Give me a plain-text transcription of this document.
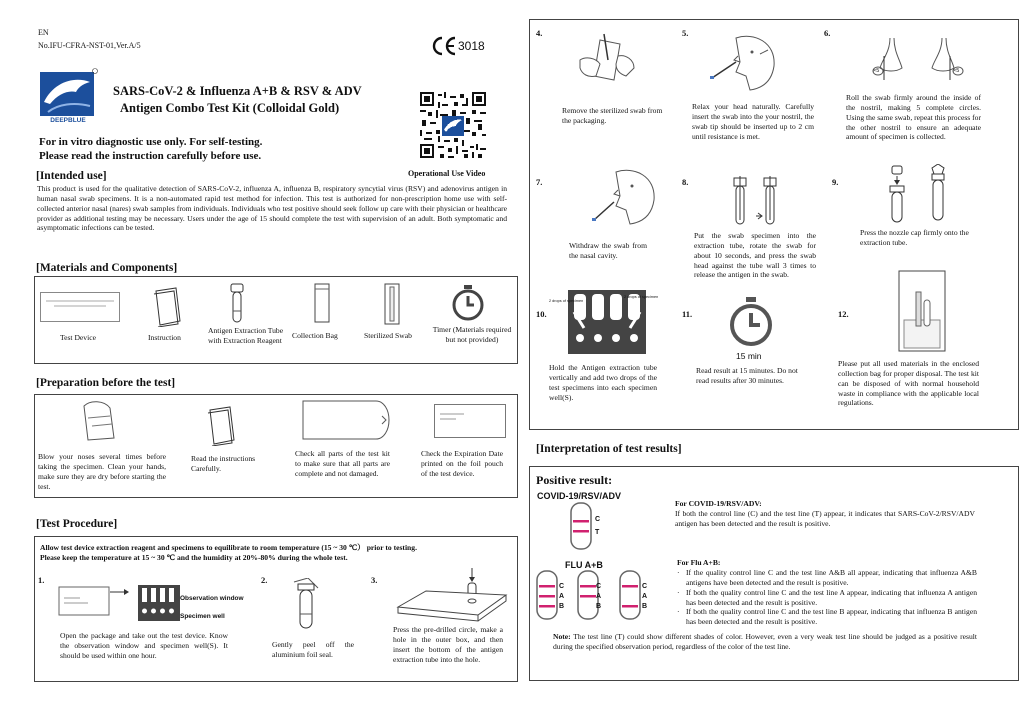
EN
No.IFU-CFRA-NST-01,Ver.A/5	3018
DEEPBLUE
SARS-CoV-2 & Influenza A+B & RSV & ADV
Antigen Combo Test Kit (Colloidal Gold)
For in vitro diagnostic use only. For self-testing.
Please read the instruction carefully before use.
Operational Use Video
[Intended use]
This product is used for the qualitative detection of SARS-CoV-2, influenza A, influenza B, respiratory syncytial virus (RSV) and adenovirus antigen in human nasal swab specimens. It is a non-automated rapid test method for infection. This test is authorized for non-prescription home use with self-collected anterior nasal (nares) swab samples from individuals. Individuals who test positive should seek follow up care with their physician or healthcare provider as additional testing may be necessary. Users under the age of 15 should complete the test with supervision of an adult. Both symptomatic and asymptomatic infections can be tested.
[Materials and Components]
Test Device	Instruction
Antigen Extraction Tube with Extraction Reagent
Collection Bag	Sterilized Swab
Timer (Materials required but not provided)
[Preparation before the test]
Blow your noses several times before taking the specimen. Clean your hands, make sure they are dry before starting the test.
Read the instructions Carefully.
Check all parts of the test kit to make sure that all parts are complete and not damaged.
Check the Expiration Date printed on the foil pouch of the test device.
[Test Procedure]
Allow test device extraction reagent and specimens to equilibrate to room temperature (15 ~ 30 ℃） prior to testing.
Please keep the temperature at 15 ~ 30 ℃ and the humidity at 20%-80% during the whole test.
1.
Observation window
Specimen well
Open the package and take out the test device. Know the observation window and specimen well(S). It should be used within one hour.
2.
Gently peel off the aluminium foil seal.
3.
Press the pre-drilled circle, make a hole in the outer box, and then insert the bottom of the antigen extraction tube into the hole.
4.
Remove the sterilized swab from the packaging.
5.
Relax your head naturally. Carefully insert the swab into the your nostril, the swab tip should be inserted up to 2 cm until resistance is met.
6.
×5	×5
Roll the swab firmly around the inside of the nostril, making 5 complete circles. Using the same swab, repeat this process for the other nostril to ensure an adequate amount of specimen is collected.
7.
Withdraw the swab from the nasal cavity.
8.
Put the swab specimen into the extraction tube, rotate the swab for about 10 seconds, and press the swab head against the tube wall 3 times to release the antigen in the swab.
9.
Press the nozzle cap firmly onto the extraction tube.
10.
FLU A+B COVID-19 RSV ADV
2 drops of specimen
2 drops of specimen
Hold the Antigen extraction tube vertically and add two drops of the test specimens into each specimen well(S).
11.
15 min
Read result at 15 minutes. Do not read results after 30 minutes.
12.
Please put all used materials in the enclosed collection bag for proper disposal. The test kit can be disposed of with normal household waste in compliance with the applicable local regulations.
[Interpretation of test results]
Positive result:
COVID-19/RSV/ADV
C
T
FLU A+B
C
A
B
C
A
B
C
A
B
For COVID-19/RSV/ADV:
If both the control line (C) and the test line (T) appear, it indicates that SARS-CoV-2/RSV/ADV antigen has been detected and the result is positive.
For Flu A+B:
· If the quality control line C and the test line A&B all appear, indicating that influenza A&B antigens have been detected and the result is positive.
· If both the quality control line C and the test line A appear, indicating that influenza A antigen has been detected and the result is positive.
· If both the quality control line C and the test line B appear, indicating that influenza B antigen has been detected and the result is positive.
Note: The test line (T) could show different shades of color. However, even a very weak test line should be judged as a positive result during the specified observation period, regardless of the color of the test line.
